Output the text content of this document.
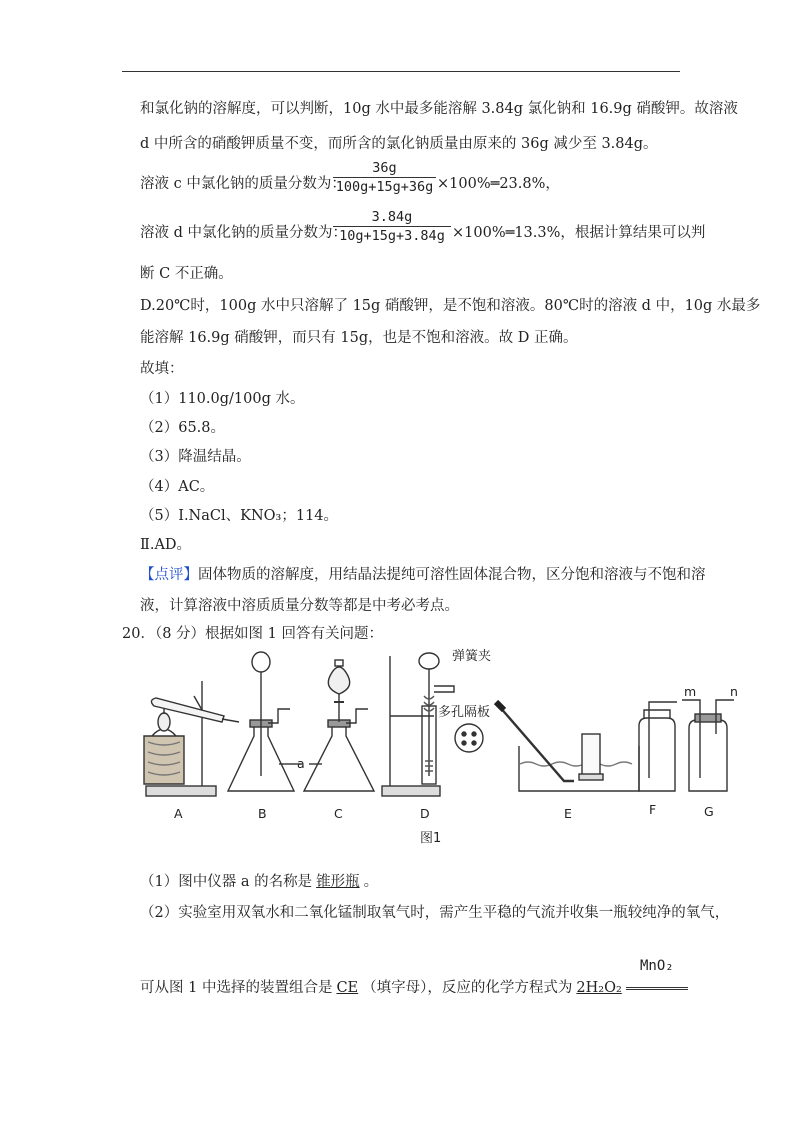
和氯化钠的溶解度，可以判断，10g 水中最多能溶解 3.84g 氯化钠和 16.9g 硝酸钾。故溶液
d 中所含的硝酸钾质量不变，而所含的氯化钠质量由原来的 36g 减少至 3.84g。
溶液 c 中氯化钠的质量分数为：
36g
100g+15g+36g ×100%═23.8%，
溶液 d 中氯化钠的质量分数为：
3.84g
10g+15g+3.84g ×100%═13.3%，根据计算结果可以判
断 C 不正确。
D.20℃时，100g 水中只溶解了 15g 硝酸钾，是不饱和溶液。80℃时的溶液 d 中，10g 水最多
能溶解 16.9g 硝酸钾，而只有 15g，也是不饱和溶液。故 D 正确。
故填：
（1）110.0g/100g 水。
（2）65.8。
（3）降温结晶。
（4）AC。
（5）Ⅰ.NaCl、KNO₃；114。
Ⅱ.AD。
【点评】固体物质的溶解度，用结晶法提纯可溶性固体混合物，区分饱和溶液与不饱和溶
液，计算溶液中溶质质量分数等都是中考必考点。
20．（8 分）根据如图 1 回答有关问题：
A	B	C	D	E	F	G
a
m	n
弹簧夹
多孔隔板
图1
（1）图中仪器 a 的名称是 锥形瓶 。
（2）实验室用双氧水和二氧化锰制取氧气时，需产生平稳的气流并收集一瓶较纯净的氧气，
MnO₂
可从图 1 中选择的装置组合是 CE （填字母），反应的化学方程式为 2H₂O₂
